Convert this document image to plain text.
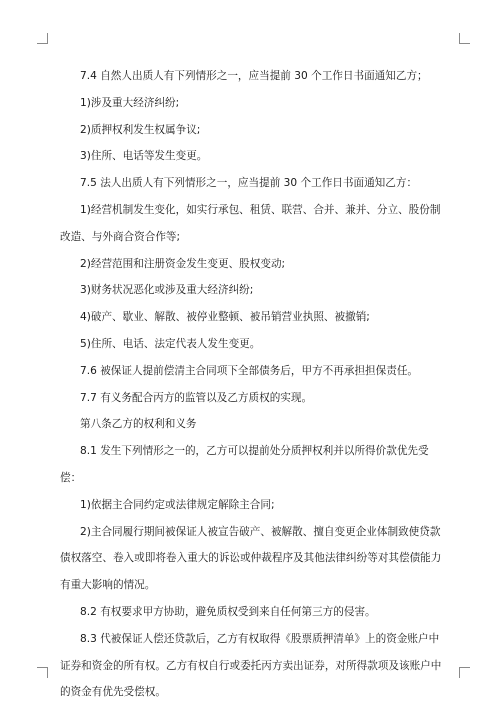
7.4 自然人出质人有下列情形之一，应当提前 30 个工作日书面通知乙方；

1)涉及重大经济纠纷;

2)质押权利发生权属争议;

3)住所、电话等发生变更。

7.5 法人出质人有下列情形之一，应当提前 30 个工作日书面通知乙方：

1)经营机制发生变化，如实行承包、租赁、联营、合并、兼并、分立、股份制改造、与外商合资合作等;

2)经营范围和注册资金发生变更、股权变动;

3)财务状况恶化或涉及重大经济纠纷;

4)破产、歇业、解散、被停业整顿、被吊销营业执照、被撤销;

5)住所、电话、法定代表人发生变更。

7.6 被保证人提前偿清主合同项下全部债务后，甲方不再承担担保责任。

7.7 有义务配合丙方的监管以及乙方质权的实现。

第八条乙方的权利和义务

8.1 发生下列情形之一的，乙方可以提前处分质押权利并以所得价款优先受偿：

1)依据主合同约定或法律规定解除主合同;

2)主合同履行期间被保证人被宣告破产、被解散、擅自变更企业体制致使贷款债权落空、卷入或即将卷入重大的诉讼或仲裁程序及其他法律纠纷等对其偿债能力有重大影响的情况。

8.2 有权要求甲方协助，避免质权受到来自任何第三方的侵害。

8.3 代被保证人偿还贷款后，乙方有权取得《股票质押清单》上的资金账户中证券和资金的所有权。乙方有权自行或委托丙方卖出证券，对所得款项及该账户中的资金有优先受偿权。
